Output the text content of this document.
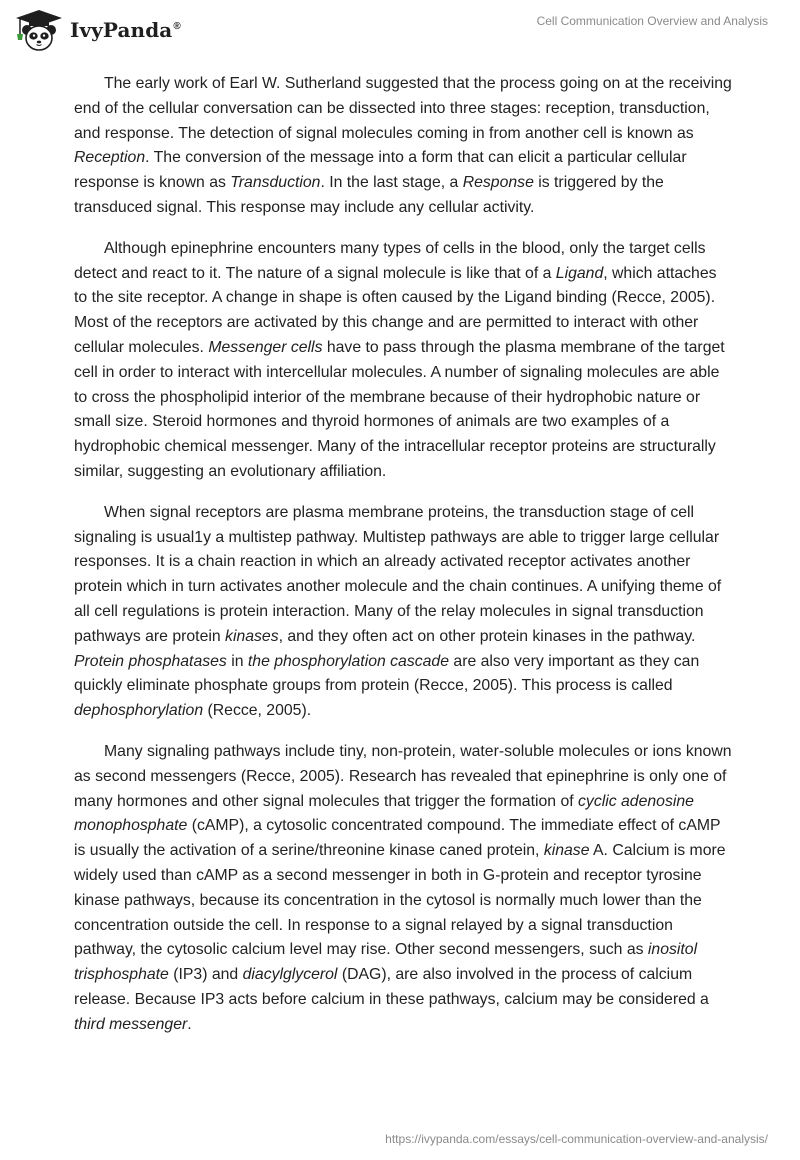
IvyPanda®	Cell Communication Overview and Analysis

The early work of Earl W. Sutherland suggested that the process going on at the receiving end of the cellular conversation can be dissected into three stages: reception, transduction, and response. The detection of signal molecules coming in from another cell is known as Reception. The conversion of the message into a form that can elicit a particular cellular response is known as Transduction. In the last stage, a Response is triggered by the transduced signal. This response may include any cellular activity.

Although epinephrine encounters many types of cells in the blood, only the target cells detect and react to it. The nature of a signal molecule is like that of a Ligand, which attaches to the site receptor. A change in shape is often caused by the Ligand binding (Recce, 2005). Most of the receptors are activated by this change and are permitted to interact with other cellular molecules. Messenger cells have to pass through the plasma membrane of the target cell in order to interact with intercellular molecules. A number of signaling molecules are able to cross the phospholipid interior of the membrane because of their hydrophobic nature or small size. Steroid hormones and thyroid hormones of animals are two examples of a hydrophobic chemical messenger. Many of the intracellular receptor proteins are structurally similar, suggesting an evolutionary affiliation.

When signal receptors are plasma membrane proteins, the transduction stage of cell signaling is usual1y a multistep pathway. Multistep pathways are able to trigger large cellular responses. It is a chain reaction in which an already activated receptor activates another protein which in turn activates another molecule and the chain continues. A unifying theme of all cell regulations is protein interaction. Many of the relay molecules in signal transduction pathways are protein kinases, and they often act on other protein kinases in the pathway. Protein phosphatases in the phosphorylation cascade are also very important as they can quickly eliminate phosphate groups from protein (Recce, 2005). This process is called dephosphorylation (Recce, 2005).

Many signaling pathways include tiny, non-protein, water-soluble molecules or ions known as second messengers (Recce, 2005). Research has revealed that epinephrine is only one of many hormones and other signal molecules that trigger the formation of cyclic adenosine monophosphate (cAMP), a cytosolic concentrated compound. The immediate effect of cAMP is usually the activation of a serine/threonine kinase caned protein, kinase A. Calcium is more widely used than cAMP as a second messenger in both in G-protein and receptor tyrosine kinase pathways, because its concentration in the cytosol is normally much lower than the concentration outside the cell. In response to a signal relayed by a signal transduction pathway, the cytosolic calcium level may rise. Other second messengers, such as inositol trisphosphate (IP3) and diacylglycerol (DAG), are also involved in the process of calcium release. Because IP3 acts before calcium in these pathways, calcium may be considered a third messenger.

https://ivypanda.com/essays/cell-communication-overview-and-analysis/
